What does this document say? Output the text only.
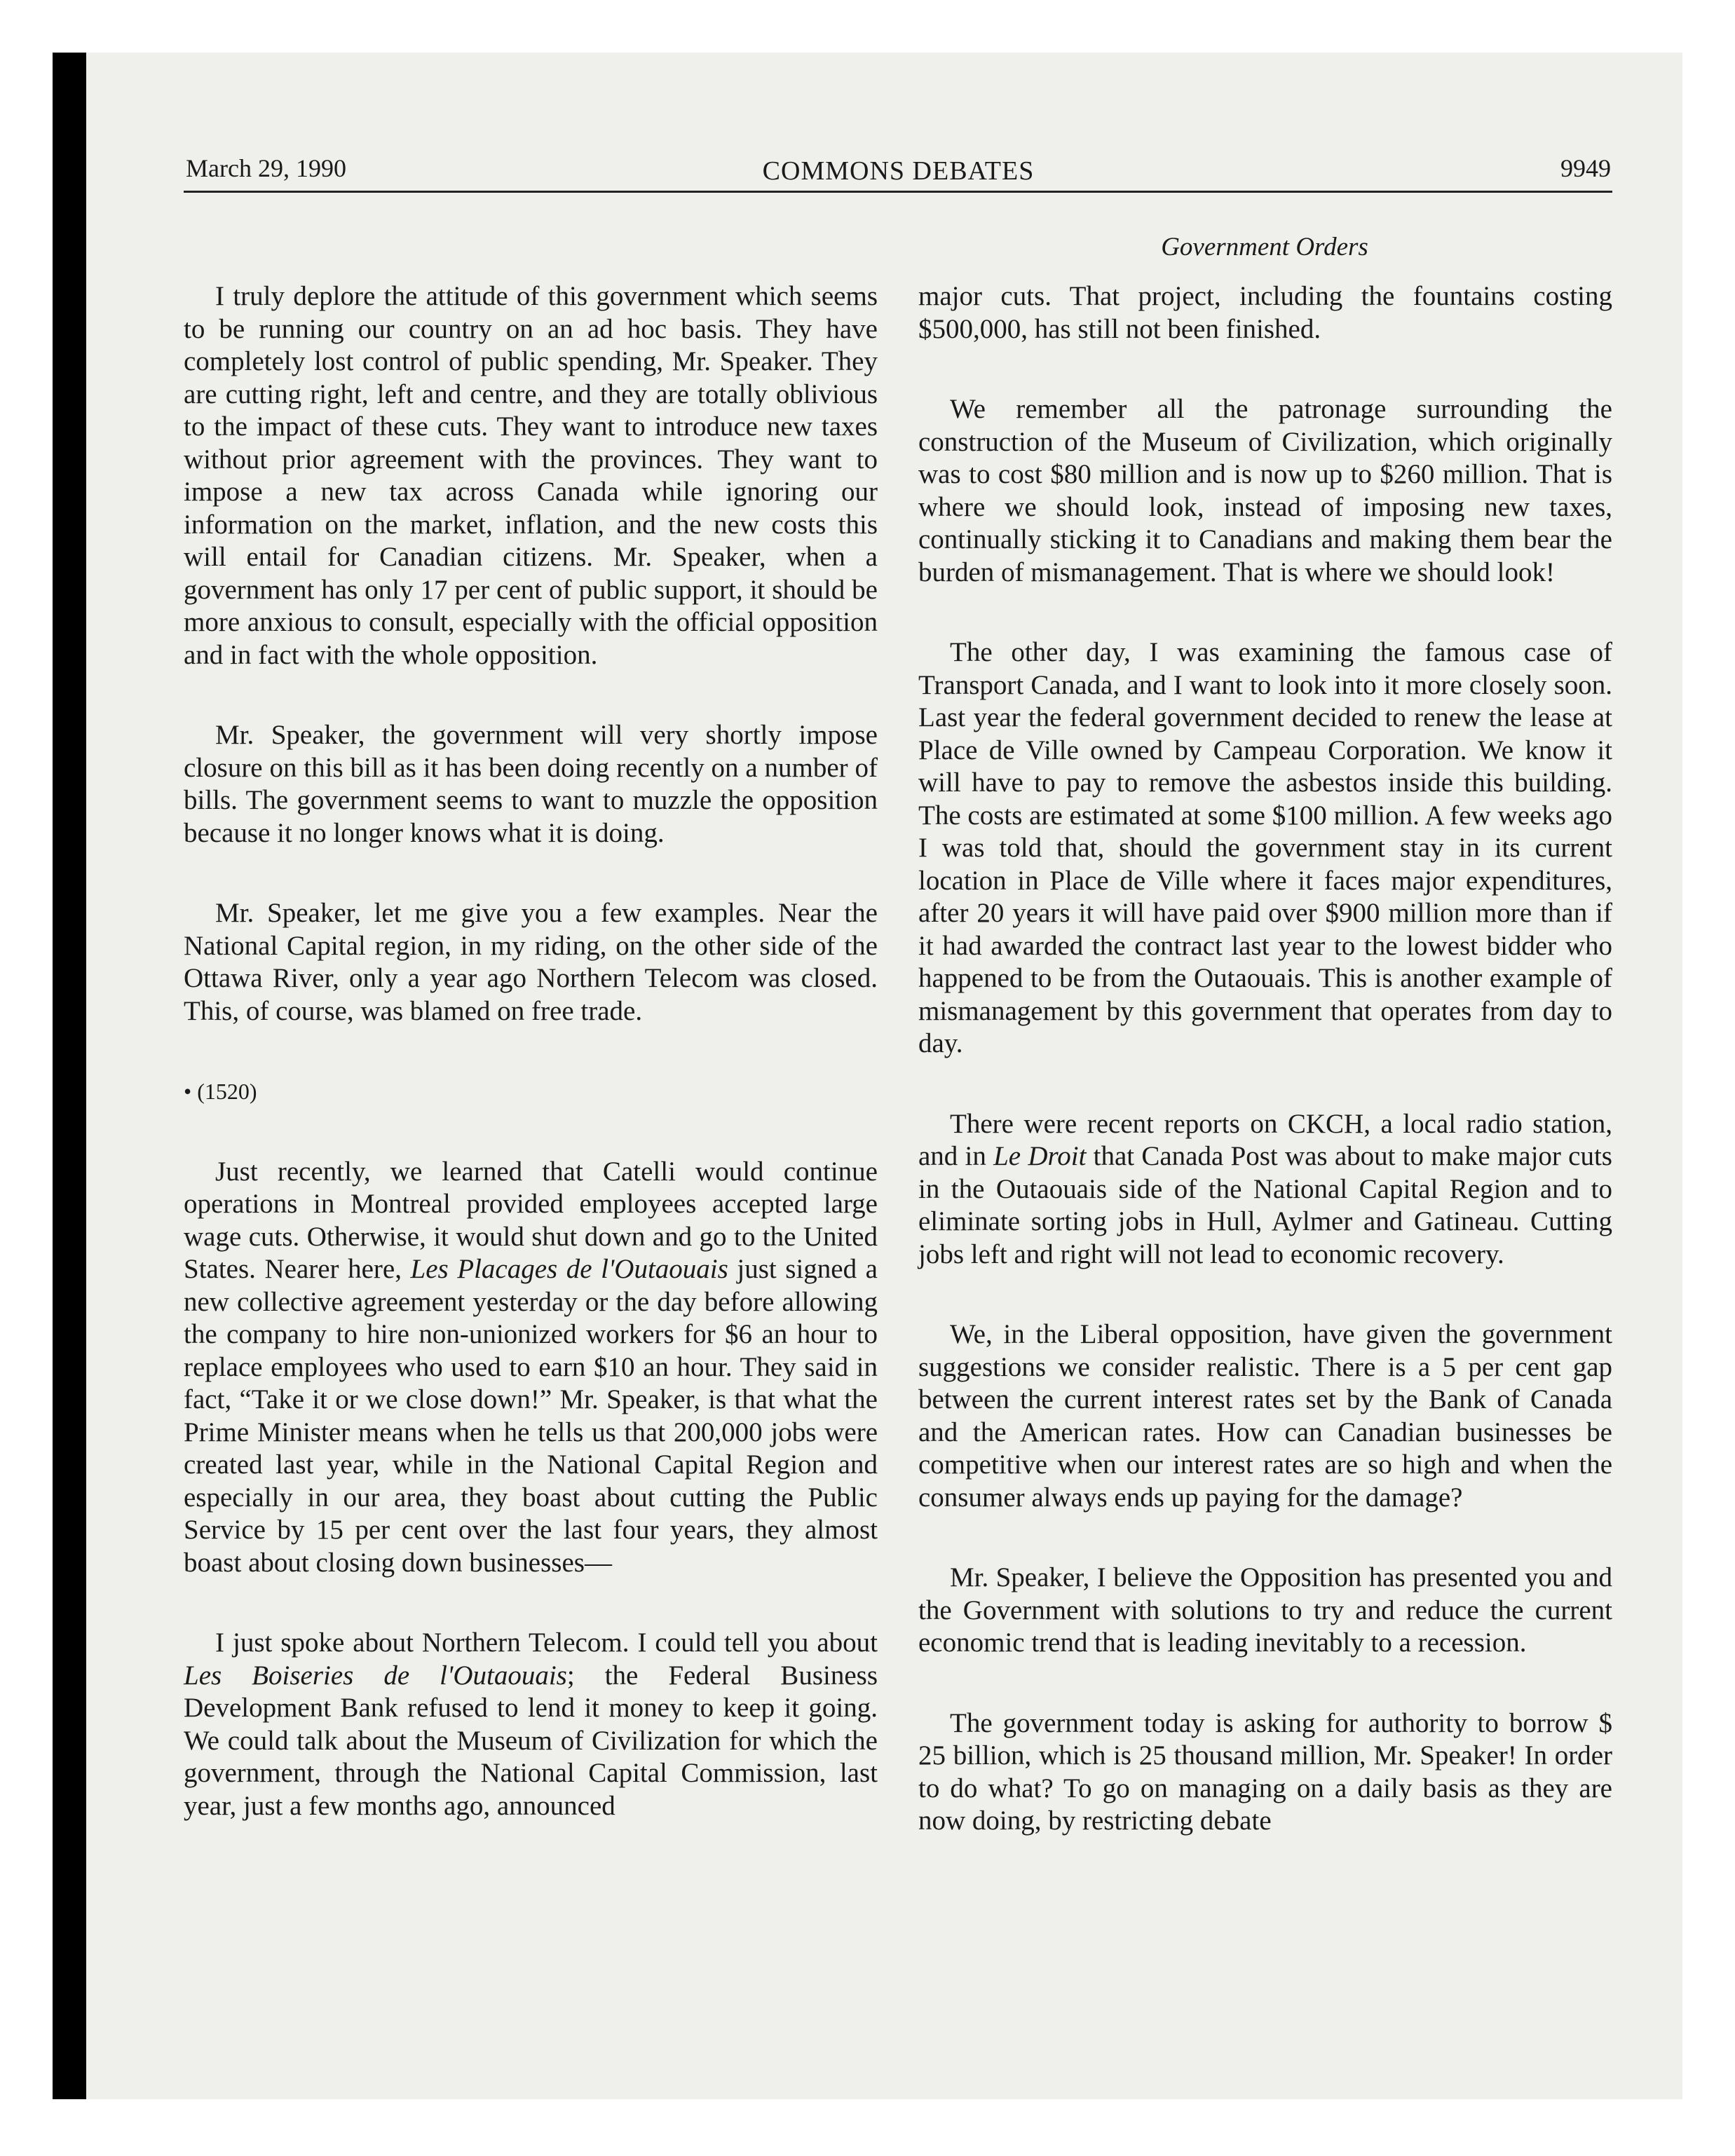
March 29, 1990	COMMONS DEBATES	9949
Government Orders

I truly deplore the attitude of this government which seems to be running our country on an ad hoc basis. They have completely lost control of public spending, Mr. Speaker. They are cutting right, left and centre, and they are totally oblivious to the impact of these cuts. They want to introduce new taxes without prior agreement with the provinces. They want to impose a new tax across Canada while ignoring our information on the market, inflation, and the new costs this will entail for Canadian citizens. Mr. Speaker, when a government has only 17 per cent of public support, it should be more anxious to consult, especially with the official opposition and in fact with the whole opposition.

Mr. Speaker, the government will very shortly impose closure on this bill as it has been doing recently on a number of bills. The government seems to want to muzzle the opposition because it no longer knows what it is doing.

Mr. Speaker, let me give you a few examples. Near the National Capital region, in my riding, on the other side of the Ottawa River, only a year ago Northern Telecom was closed. This, of course, was blamed on free trade.

• (1520)

Just recently, we learned that Catelli would continue operations in Montreal provided employees accepted large wage cuts. Otherwise, it would shut down and go to the United States. Nearer here, Les Placages de l'Outaouais just signed a new collective agreement yesterday or the day before allowing the company to hire non-unionized workers for $6 an hour to replace employees who used to earn $10 an hour. They said in fact, “Take it or we close down!” Mr. Speaker, is that what the Prime Minister means when he tells us that 200,000 jobs were created last year, while in the National Capital Region and especially in our area, they boast about cutting the Public Service by 15 per cent over the last four years, they almost boast about closing down businesses—

I just spoke about Northern Telecom. I could tell you about Les Boiseries de l'Outaouais; the Federal Business Development Bank refused to lend it money to keep it going. We could talk about the Museum of Civilization for which the government, through the National Capital Commission, last year, just a few months ago, announced

major cuts. That project, including the fountains costing $500,000, has still not been finished.

We remember all the patronage surrounding the construction of the Museum of Civilization, which originally was to cost $80 million and is now up to $260 million. That is where we should look, instead of imposing new taxes, continually sticking it to Canadians and making them bear the burden of mismanagement. That is where we should look!

The other day, I was examining the famous case of Transport Canada, and I want to look into it more closely soon. Last year the federal government decided to renew the lease at Place de Ville owned by Campeau Corporation. We know it will have to pay to remove the asbestos inside this building. The costs are estimated at some $100 million. A few weeks ago I was told that, should the government stay in its current location in Place de Ville where it faces major expenditures, after 20 years it will have paid over $900 million more than if it had awarded the contract last year to the lowest bidder who happened to be from the Outaouais. This is another example of mismanagement by this government that operates from day to day.

There were recent reports on CKCH, a local radio station, and in Le Droit that Canada Post was about to make major cuts in the Outaouais side of the National Capital Region and to eliminate sorting jobs in Hull, Aylmer and Gatineau. Cutting jobs left and right will not lead to economic recovery.

We, in the Liberal opposition, have given the government suggestions we consider realistic. There is a 5 per cent gap between the current interest rates set by the Bank of Canada and the American rates. How can Canadian businesses be competitive when our interest rates are so high and when the consumer always ends up paying for the damage?

Mr. Speaker, I believe the Opposition has presented you and the Government with solutions to try and reduce the current economic trend that is leading inevitably to a recession.

The government today is asking for authority to borrow $ 25 billion, which is 25 thousand million, Mr. Speaker! In order to do what? To go on managing on a daily basis as they are now doing, by restricting debate
